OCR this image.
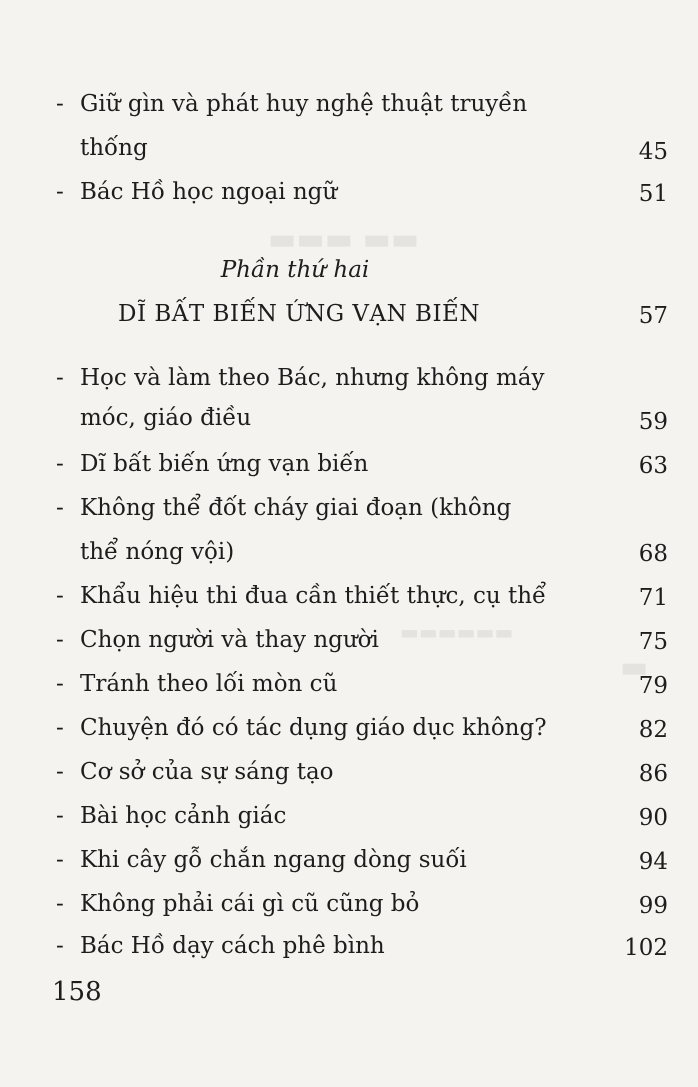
▬▬▬ ▬▬
▬▬▬▬▬▬
▬
- Giữ gìn và phát huy nghệ thuật truyền
thống	45
- Bác Hồ học ngoại ngữ	51
Phần thứ hai
DĨ BẤT BIẾN ỨNG VẠN BIẾN	57
- Học và làm theo Bác, nhưng không máy
móc, giáo điều	59
- Dĩ bất biến ứng vạn biến	63
- Không thể đốt cháy giai đoạn (không
thể nóng vội)	68
- Khẩu hiệu thi đua cần thiết thực, cụ thể	71
- Chọn người và thay người	75
- Tránh theo lối mòn cũ	79
- Chuyện đó có tác dụng giáo dục không?	82
- Cơ sở của sự sáng tạo	86
- Bài học cảnh giác	90
- Khi cây gỗ chắn ngang dòng suối	94
- Không phải cái gì cũ cũng bỏ	99
- Bác Hồ dạy cách phê bình	102
158
